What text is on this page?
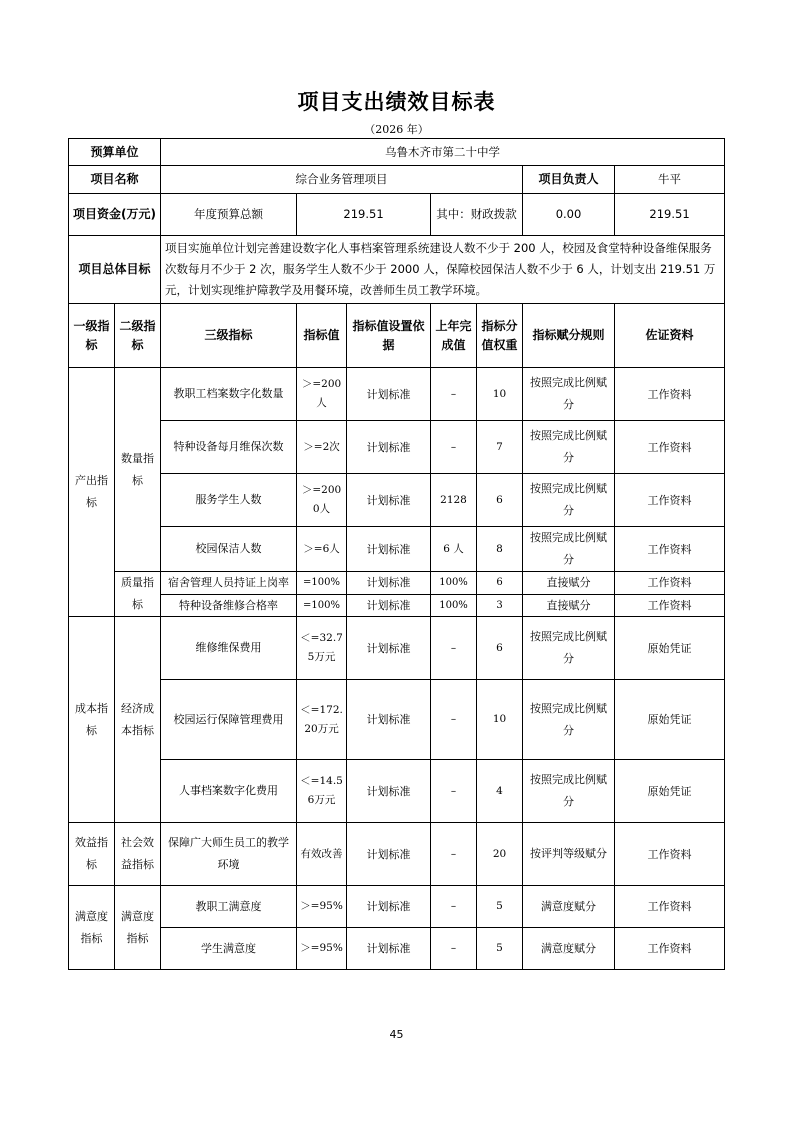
项目支出绩效目标表
（2026 年）
预算单位		乌鲁木齐市第二十中学						
项目名称		综合业务管理项目					项目负责人	牛平
项目资金(万元)		年度预算总额	219.51		其中：财政拨款		0.00	219.51
项目总体目标		项目实施单位计划完善建设数字化人事档案管理系统建设人数不少于 200 人，校园及食堂特种设备维保服务次数每月不少于 2 次，服务学生人数不少于 2000 人，保障校园保洁人数不少于 6 人，计划支出 219.51 万元，计划实现维护障教学及用餐环境，改善师生员工教学环境。						
一级指标	二级指标	三级指标	指标值	指标值设置依据	上年完成值	指标分值权重	指标赋分规则	佐证资料
产出指标	数量指标	教职工档案数字化数量	＞=200人	计划标准	–	10	按照完成比例赋分	工作资料
		特种设备每月维保次数	＞=2次	计划标准	–	7	按照完成比例赋分	工作资料
		服务学生人数	＞=2000人	计划标准	2128	6	按照完成比例赋分	工作资料
		校园保洁人数	＞=6人	计划标准	6 人	8	按照完成比例赋分	工作资料
	质量指标	宿舍管理人员持证上岗率	=100%	计划标准	100%	6	直接赋分	工作资料
		特种设备维修合格率	=100%	计划标准	100%	3	直接赋分	工作资料
成本指标	经济成本指标	维修维保费用	＜=32.75万元	计划标准	–	6	按照完成比例赋分	原始凭证
		校园运行保障管理费用	＜=172.20万元	计划标准	–	10	按照完成比例赋分	原始凭证
		人事档案数字化费用	＜=14.56万元	计划标准	–	4	按照完成比例赋分	原始凭证
效益指标	社会效益指标	保障广大师生员工的教学环境	有效改善	计划标准	–	20	按评判等级赋分	工作资料
满意度指标	满意度指标	教职工满意度	＞=95%	计划标准	–	5	满意度赋分	工作资料
		学生满意度	＞=95%	计划标准	–	5	满意度赋分	工作资料
45
